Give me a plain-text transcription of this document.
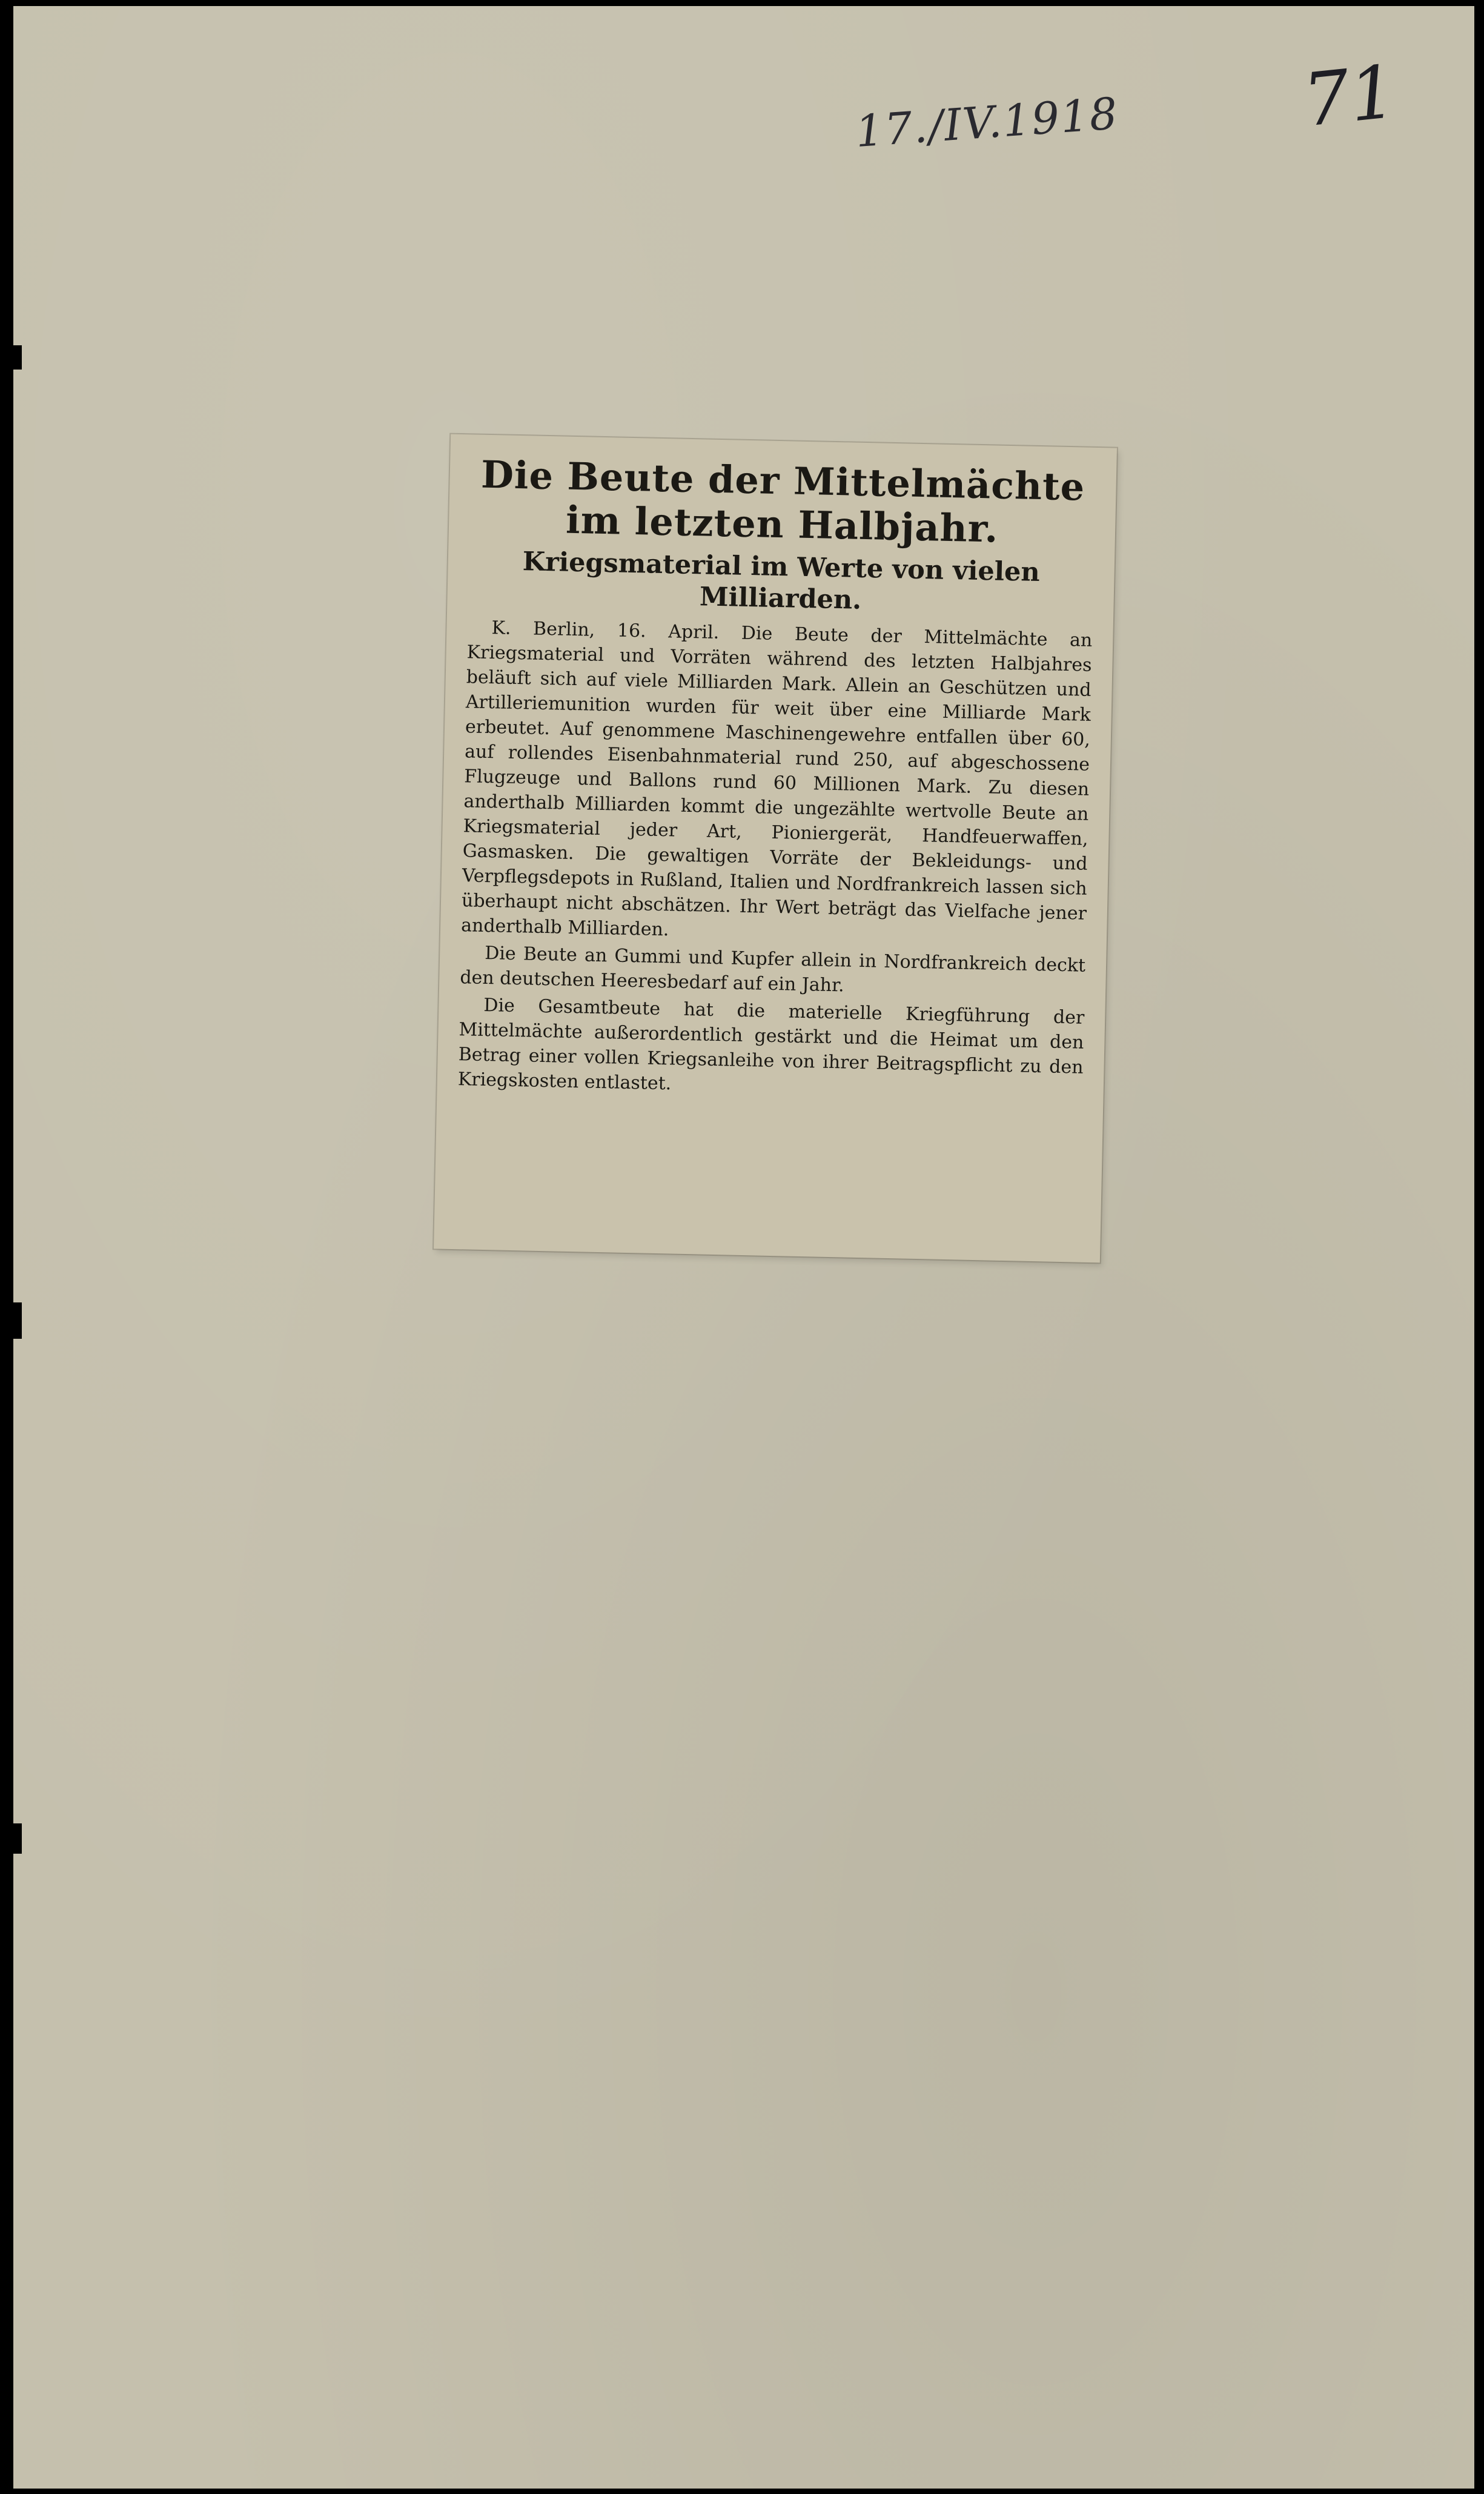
17./IV.1918 71
Die Beute der Mittelmächte im letzten Halbjahr.
Kriegsmaterial im Werte von vielen Milliarden.

K. Berlin, 16. April. Die Beute der Mittelmächte an Kriegsmaterial und Vorräten während des letzten Halbjahres beläuft sich auf viele Milliarden Mark. Allein an Geschützen und Artilleriemunition wurden für weit über eine Milliarde Mark erbeutet. Auf genommene Maschinengewehre entfallen über 60, auf rollendes Eisenbahnmaterial rund 250, auf abgeschossene Flugzeuge und Ballons rund 60 Millionen Mark. Zu diesen anderthalb Milliarden kommt die ungezählte wertvolle Beute an Kriegsmaterial jeder Art, Pioniergerät, Handfeuerwaffen, Gasmasken. Die gewaltigen Vorräte der Bekleidungs- und Verpflegsdepots in Rußland, Italien und Nordfrankreich lassen sich überhaupt nicht abschätzen. Ihr Wert beträgt das Vielfache jener anderthalb Milliarden.

Die Beute an Gummi und Kupfer allein in Nordfrankreich deckt den deutschen Heeresbedarf auf ein Jahr.

Die Gesamtbeute hat die materielle Kriegführung der Mittelmächte außerordentlich gestärkt und die Heimat um den Betrag einer vollen Kriegsanleihe von ihrer Beitragspflicht zu den Kriegskosten entlastet.
